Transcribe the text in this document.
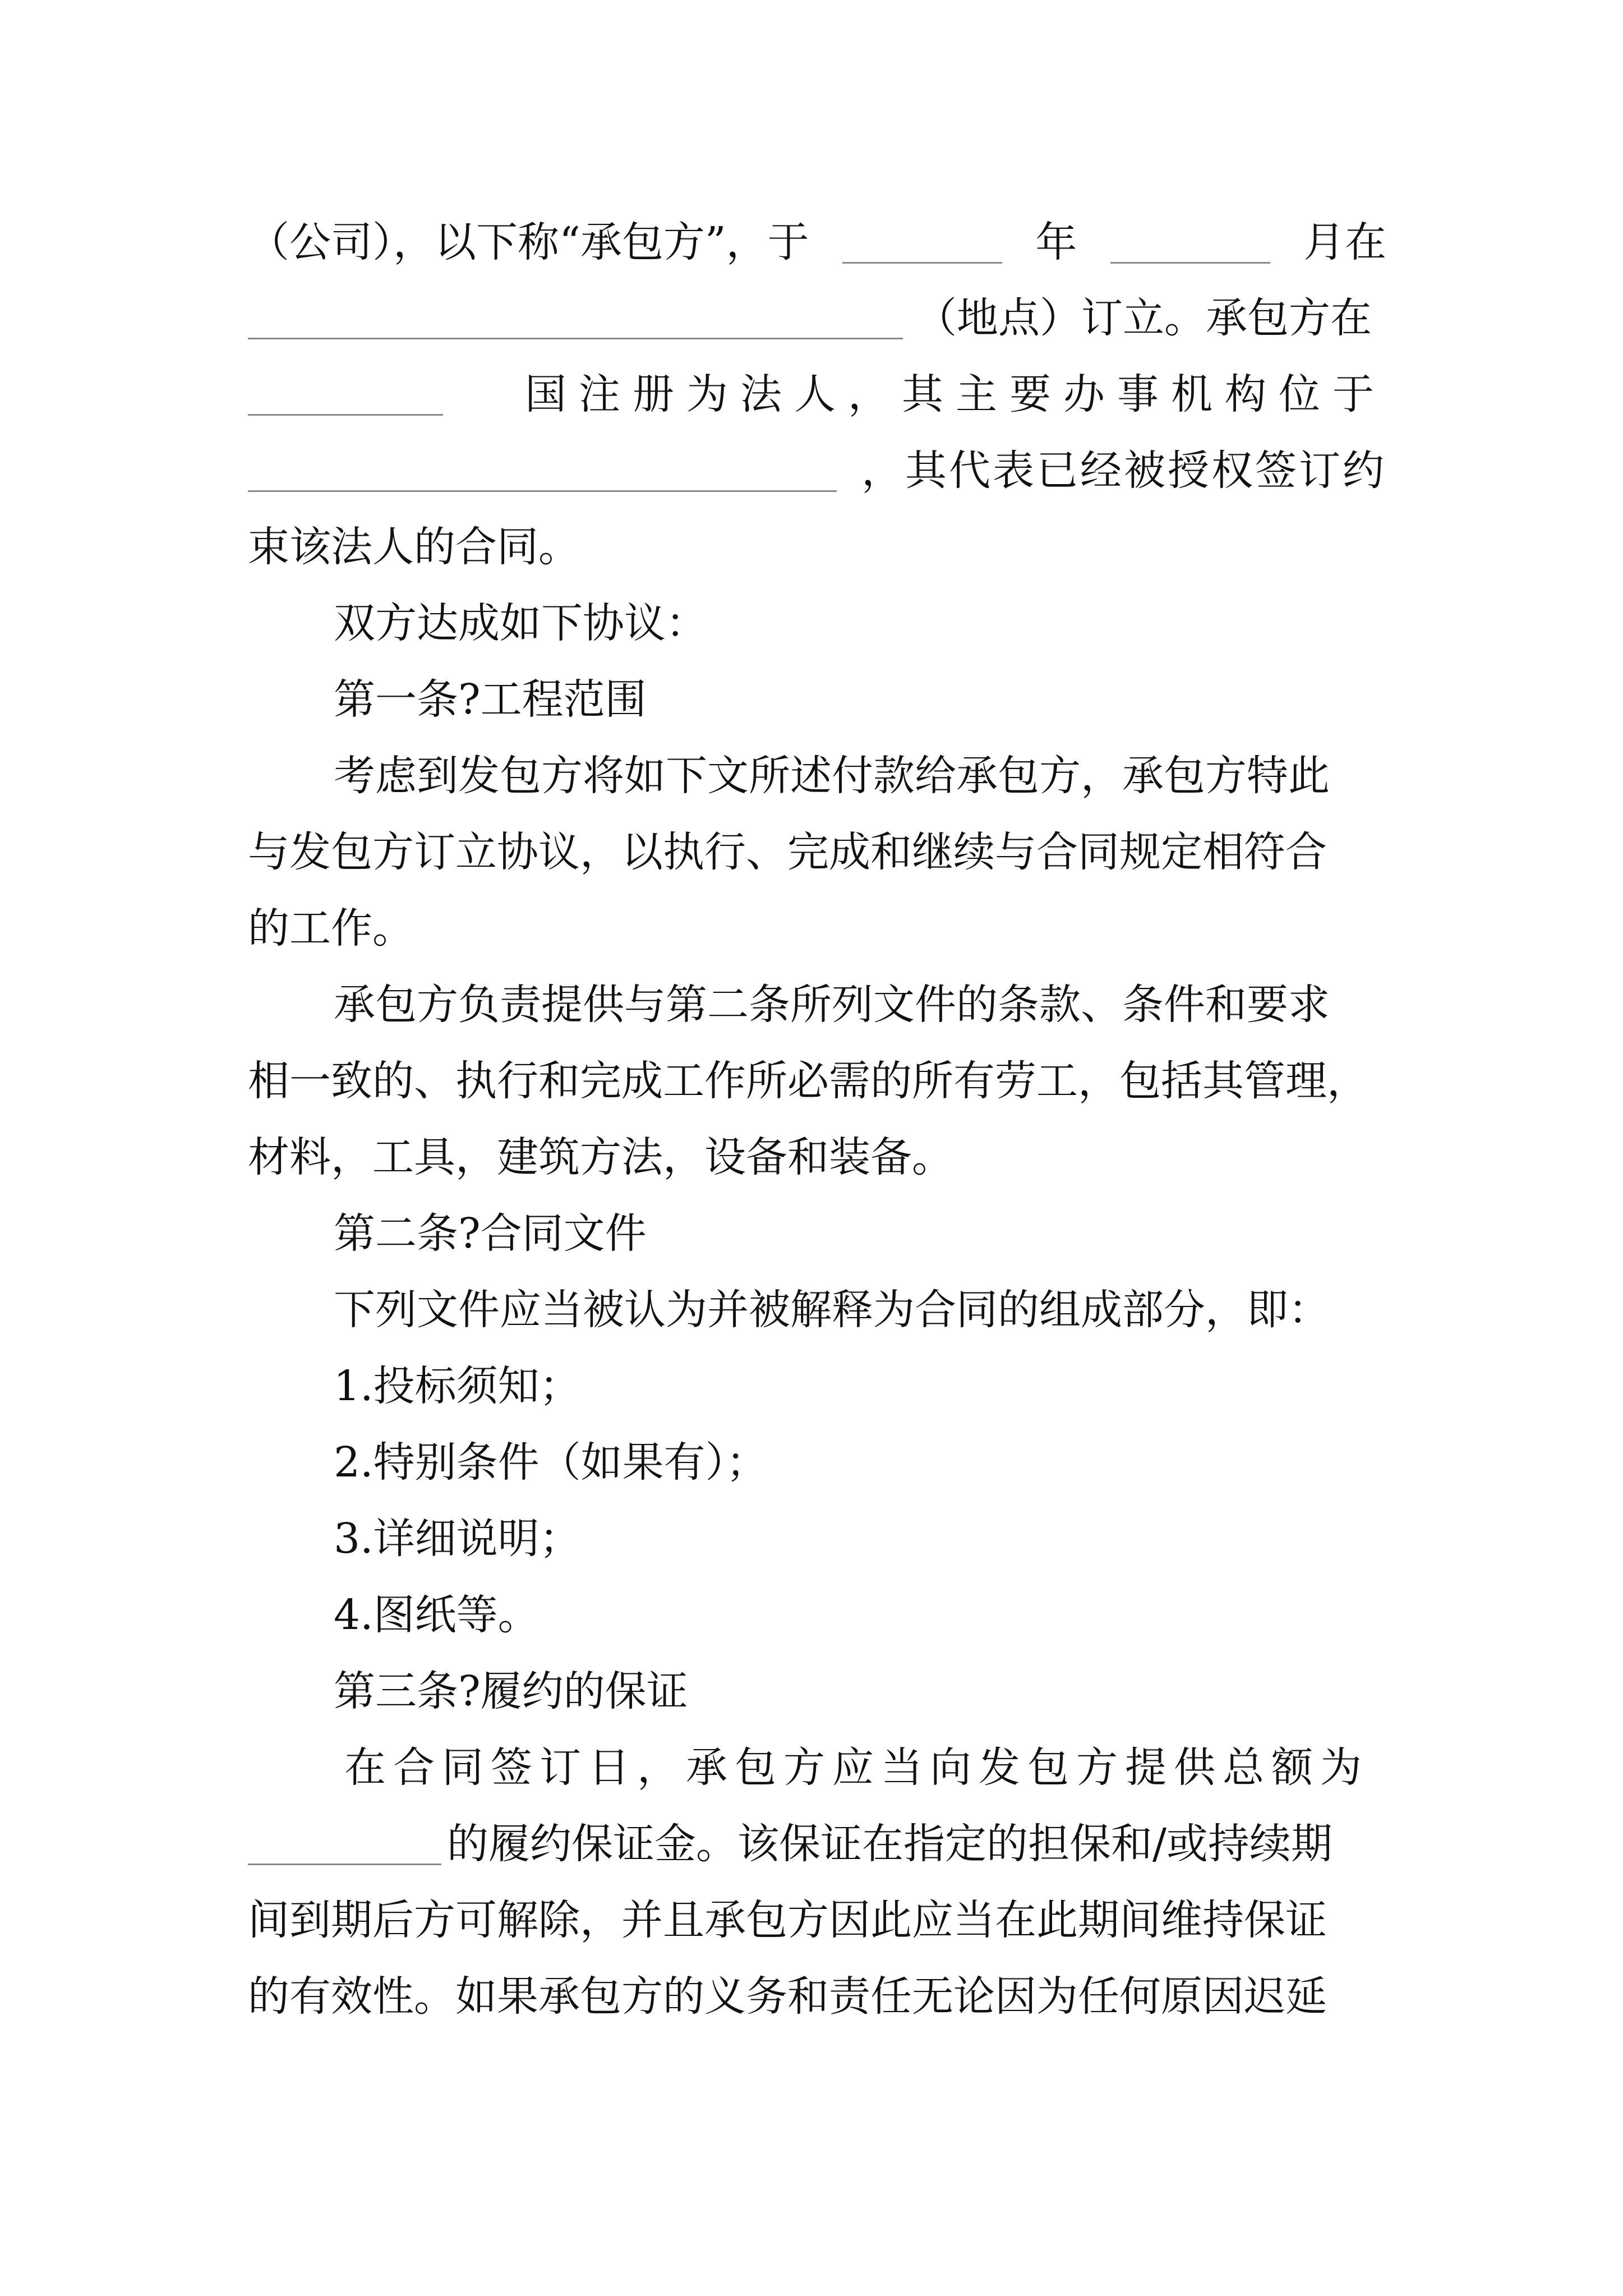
（公司），以下称“承包方”，于	年	月在
（地点）订立。承包方在
国注册为法人，其主要办事机构位于
，其代表已经被授权签订约
束该法人的合同。
双方达成如下协议：
第一条?工程范围
考虑到发包方将如下文所述付款给承包方，承包方特此
与发包方订立协议，以执行、完成和继续与合同规定相符合
的工作。
承包方负责提供与第二条所列文件的条款、条件和要求
相一致的、执行和完成工作所必需的所有劳工，包括其管理，
材料，工具，建筑方法，设备和装备。
第二条?合同文件
下列文件应当被认为并被解释为合同的组成部分，即：
1.投标须知；
2.特别条件（如果有）；
3.详细说明；
4.图纸等。
第三条?履约的保证
在合同签订日，承包方应当向发包方提供总额为
的履约保证金。该保证在指定的担保和/或持续期
间到期后方可解除，并且承包方因此应当在此期间维持保证
的有效性。如果承包方的义务和责任无论因为任何原因迟延
